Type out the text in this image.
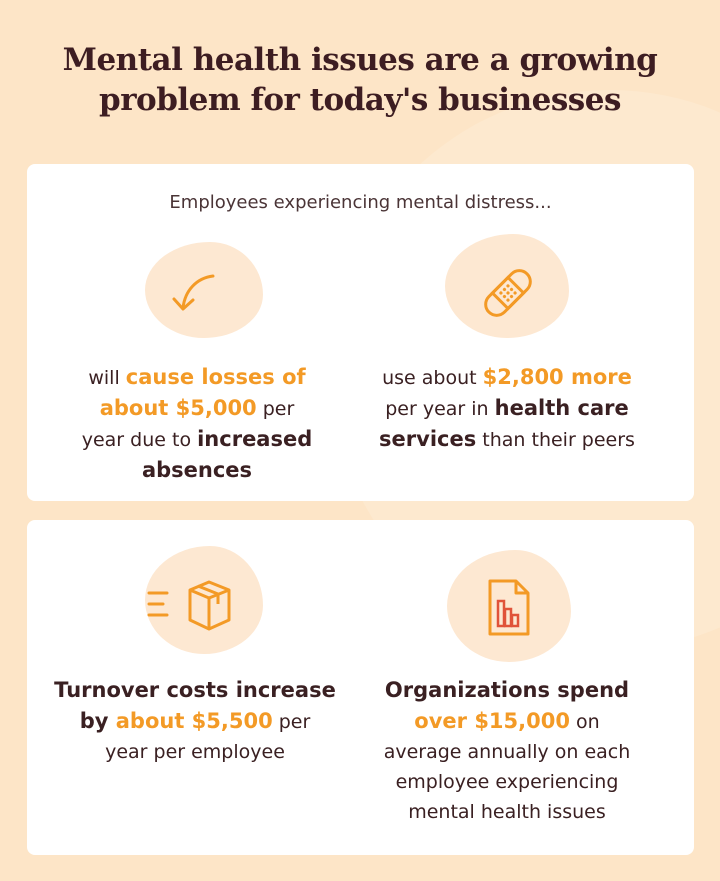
Mental health issues are a growing
problem for today's businesses
Employees experiencing mental distress...
will cause losses of
about $5,000 per
year due to increased
absences
use about $2,800 more
per year in health care
services than their peers
Turnover costs increase
by about $5,500 per
year per employee
Organizations spend
over $15,000 on
average annually on each
employee experiencing
mental health issues
